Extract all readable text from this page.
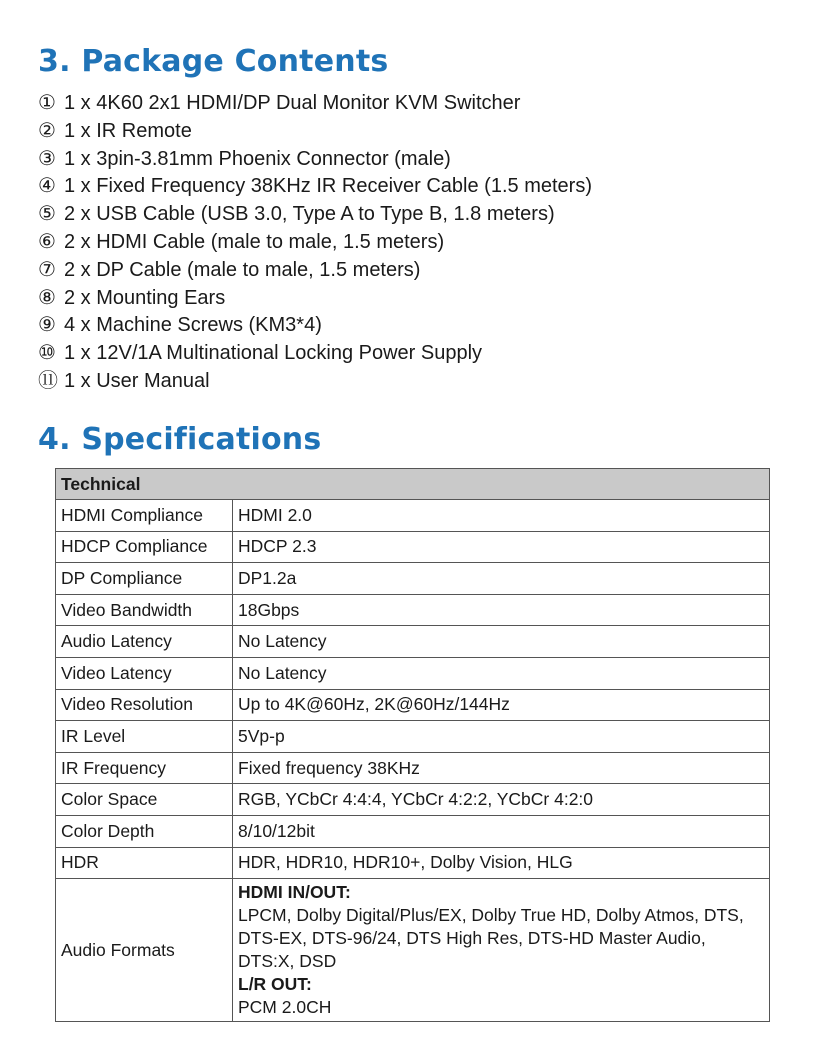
3. Package Contents
① 1 x 4K60 2x1 HDMI/DP Dual Monitor KVM Switcher
② 1 x IR Remote
③ 1 x 3pin-3.81mm Phoenix Connector (male)
④ 1 x Fixed Frequency 38KHz IR Receiver Cable (1.5 meters)
⑤ 2 x USB Cable (USB 3.0, Type A to Type B, 1.8 meters)
⑥ 2 x HDMI Cable (male to male, 1.5 meters)
⑦ 2 x DP Cable (male to male, 1.5 meters)
⑧ 2 x Mounting Ears
⑨ 4 x Machine Screws (KM3*4)
⑩ 1 x 12V/1A Multinational Locking Power Supply
⑪ 1 x User Manual
4. Specifications
Technical	
HDMI Compliance	HDMI 2.0
HDCP Compliance	HDCP 2.3
DP Compliance	DP1.2a
Video Bandwidth	18Gbps
Audio Latency	No Latency
Video Latency	No Latency
Video Resolution	Up to 4K@60Hz, 2K@60Hz/144Hz
IR Level	5Vp-p
IR Frequency	Fixed frequency 38KHz
Color Space	RGB, YCbCr 4:4:4, YCbCr 4:2:2, YCbCr 4:2:0
Color Depth	8/10/12bit
HDR	HDR, HDR10, HDR10+, Dolby Vision, HLG
Audio Formats	HDMI IN/OUT:
LPCM, Dolby Digital/Plus/EX, Dolby True HD, Dolby Atmos, DTS, DTS-EX, DTS-96/24, DTS High Res, DTS-HD Master Audio, DTS:X, DSD
L/R OUT:
PCM 2.0CH
